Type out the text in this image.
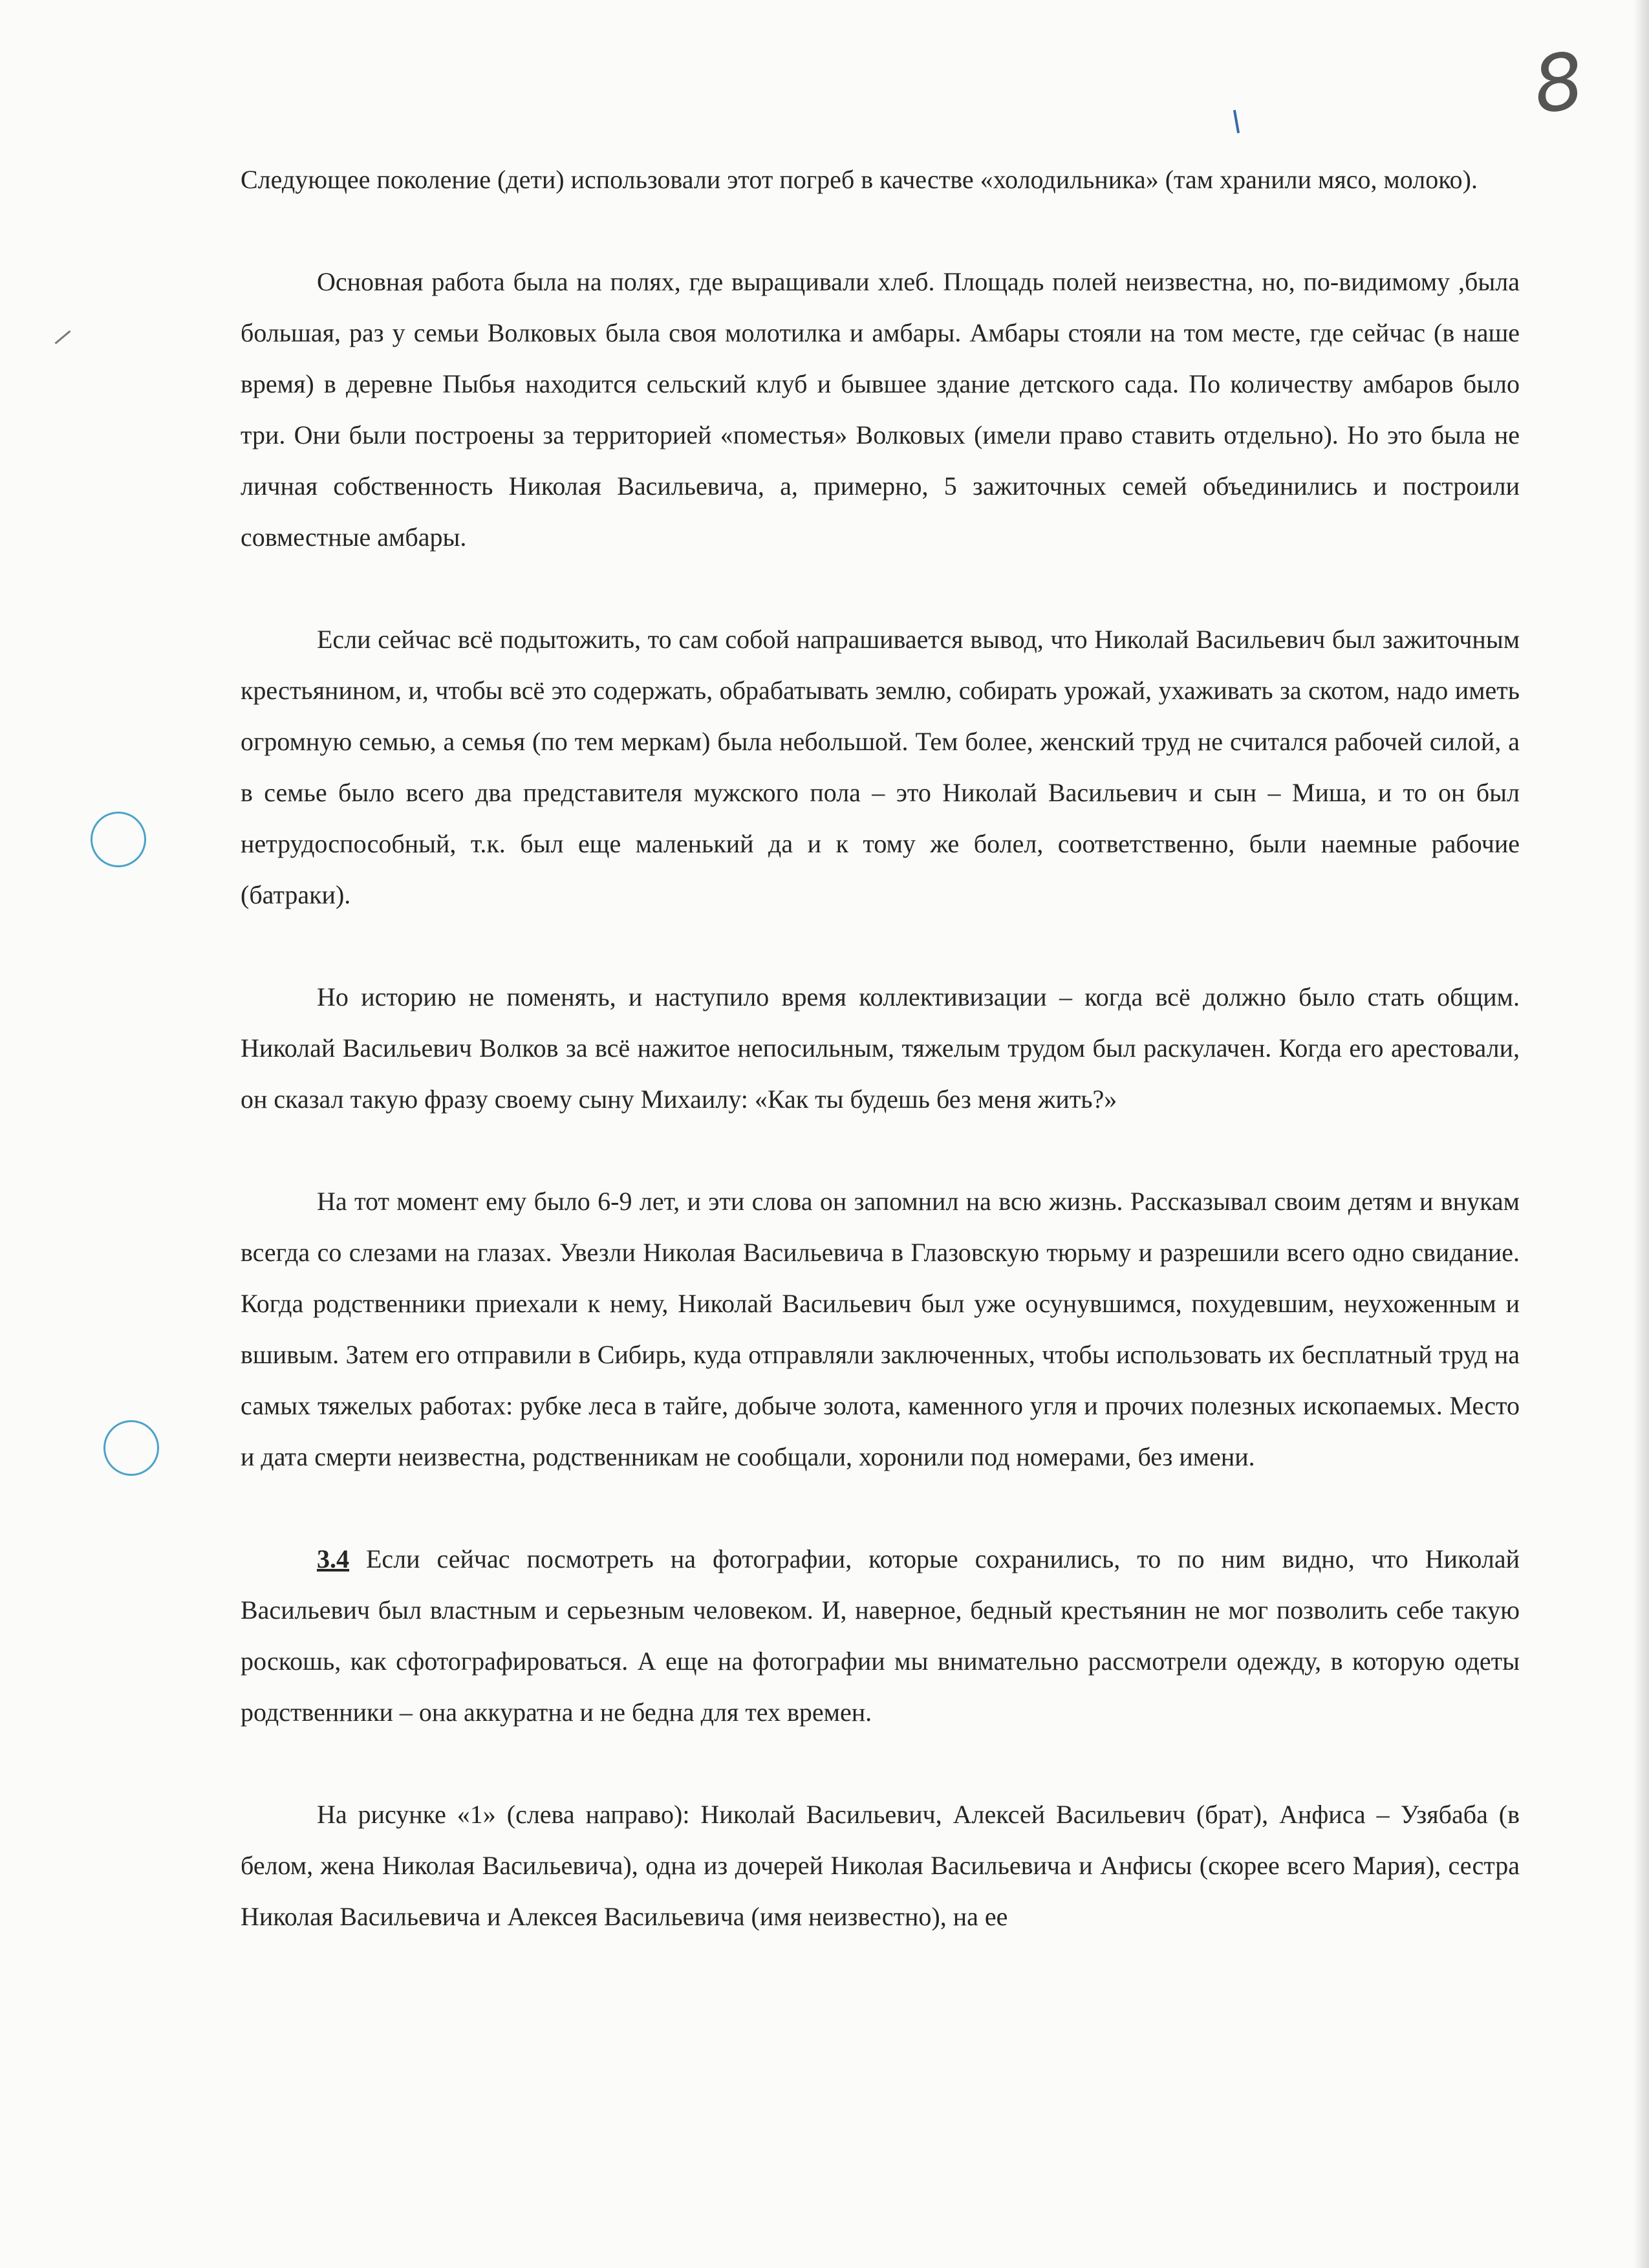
8

Следующее поколение (дети) использовали этот погреб в качестве «холодильника» (там хранили мясо, молоко).

Основная работа была на полях, где выращивали хлеб. Площадь полей неизвестна, но, по-видимому ,была большая, раз у семьи Волковых была своя молотилка и амбары. Амбары стояли на том месте, где сейчас (в наше время) в деревне Пыбья находится сельский клуб и бывшее здание детского сада. По количеству амбаров было три. Они были построены за территорией «поместья» Волковых (имели право ставить отдельно). Но это была не личная собственность Николая Васильевича, а, примерно, 5 зажиточных семей объединились и построили совместные амбары.

Если сейчас всё подытожить, то сам собой напрашивается вывод, что Николай Васильевич был зажиточным крестьянином, и, чтобы всё это содержать, обрабатывать землю, собирать урожай, ухаживать за скотом, надо иметь огромную семью, а семья (по тем меркам) была небольшой. Тем более, женский труд не считался рабочей силой, а в семье было всего два представителя мужского пола – это Николай Васильевич и сын – Миша, и то он был нетрудоспособный, т.к. был еще маленький да и к тому же болел, соответственно, были наемные рабочие (батраки).

Но историю не поменять, и наступило время коллективизации – когда всё должно было стать общим. Николай Васильевич Волков за всё нажитое непосильным, тяжелым трудом был раскулачен. Когда его арестовали, он сказал такую фразу своему сыну Михаилу: «Как ты будешь без меня жить?»

На тот момент ему было 6-9 лет, и эти слова он запомнил на всю жизнь. Рассказывал своим детям и внукам всегда со слезами на глазах. Увезли Николая Васильевича в Глазовскую тюрьму и разрешили всего одно свидание. Когда родственники приехали к нему, Николай Васильевич был уже осунувшимся, похудевшим, неухоженным и вшивым. Затем его отправили в Сибирь, куда отправляли заключенных, чтобы использовать их бесплатный труд на самых тяжелых работах: рубке леса в тайге, добыче золота, каменного угля и прочих полезных ископаемых. Место и дата смерти неизвестна, родственникам не сообщали, хоронили под номерами, без имени.

3.4 Если сейчас посмотреть на фотографии, которые сохранились, то по ним видно, что Николай Васильевич был властным и серьезным человеком. И, наверное, бедный крестьянин не мог позволить себе такую роскошь, как сфотографироваться. А еще на фотографии мы внимательно рассмотрели одежду, в которую одеты родственники – она аккуратна и не бедна для тех времен.

На рисунке «1» (слева направо): Николай Васильевич, Алексей Васильевич (брат), Анфиса – Узябаба (в белом, жена Николая Васильевича), одна из дочерей Николая Васильевича и Анфисы (скорее всего Мария), сестра Николая Васильевича и Алексея Васильевича (имя неизвестно), на ее
